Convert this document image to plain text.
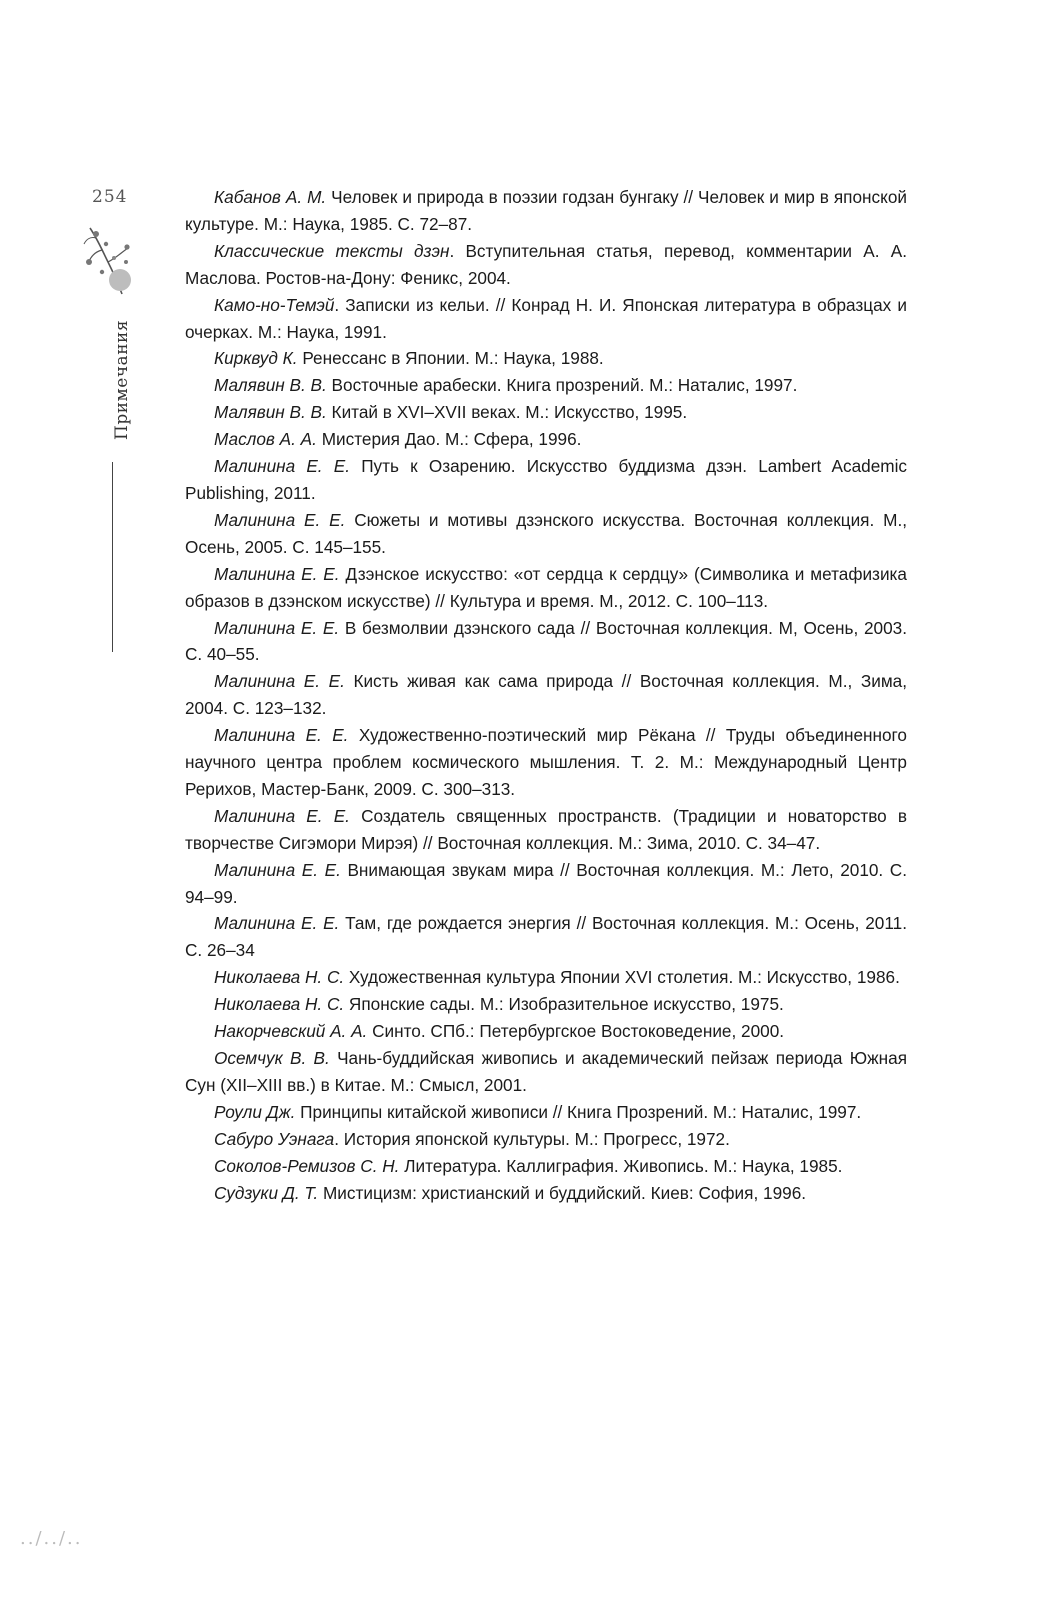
254
Примечания
Кабанов А. М. Человек и природа в поэзии годзан бунгаку // Человек и мир в японской культуре. М.: Наука, 1985. С. 72–87.
Классические тексты дзэн. Вступительная статья, перевод, комментарии А. А. Маслова. Ростов-на-Дону: Феникс, 2004.
Камо-но-Темэй. Записки из кельи. // Конрад Н. И. Японская литература в образцах и очерках. М.: Наука, 1991.
Кирквуд К. Ренессанс в Японии. М.: Наука, 1988.
Малявин В. В. Восточные арабески. Книга прозрений. М.: Наталис, 1997.
Малявин В. В. Китай в XVI–XVII веках. М.: Искусство, 1995.
Маслов А. А. Мистерия Дао. М.: Сфера, 1996.
Малинина Е. Е. Путь к Озарению. Искусство буддизма дзэн. Lambert Academic Publishing, 2011.
Малинина Е. Е. Сюжеты и мотивы дзэнского искусства. Восточная коллекция. М., Осень, 2005. С. 145–155.
Малинина Е. Е. Дзэнское искусство: «от сердца к сердцу» (Символика и метафизика образов в дзэнском искусстве) // Культура и время. М., 2012. С. 100–113.
Малинина Е. Е. В безмолвии дзэнского сада // Восточная коллекция. М, Осень, 2003. С. 40–55.
Малинина Е. Е. Кисть живая как сама природа // Восточная коллекция. М., Зима, 2004. С. 123–132.
Малинина Е. Е. Художественно-поэтический мир Рёкана // Труды объединенного научного центра проблем космического мышления. Т. 2. М.: Международный Центр Рерихов, Мастер-Банк, 2009. С. 300–313.
Малинина Е. Е. Создатель священных пространств. (Традиции и новаторство в творчестве Сигэмори Мирэя) // Восточная коллекция. М.: Зима, 2010. С. 34–47.
Малинина Е. Е. Внимающая звукам мира // Восточная коллекция. М.: Лето, 2010. С. 94–99.
Малинина Е. Е. Там, где рождается энергия // Восточная коллекция. М.: Осень, 2011. С. 26–34
Николаева Н. С. Художественная культура Японии XVI столетия. М.: Искусство, 1986.
Николаева Н. С. Японские сады. М.: Изобразительное искусство, 1975.
Накорчевский А. А. Синто. СПб.: Петербургское Востоковедение, 2000.
Осемчук В. В. Чань-буддийская живопись и академический пейзаж периода Южная Сун (XII–XIII вв.) в Китае. М.: Смысл, 2001.
Роули Дж. Принципы китайской живописи // Книга Прозрений. М.: Наталис, 1997.
Сабуро Уэнага. История японской культуры. М.: Прогресс, 1972.
Соколов-Ремизов С. Н. Литература. Каллиграфия. Живопись. М.: Наука, 1985.
Судзуки Д. Т. Мистицизм: христианский и буддийский. Киев: София, 1996.
../../..
